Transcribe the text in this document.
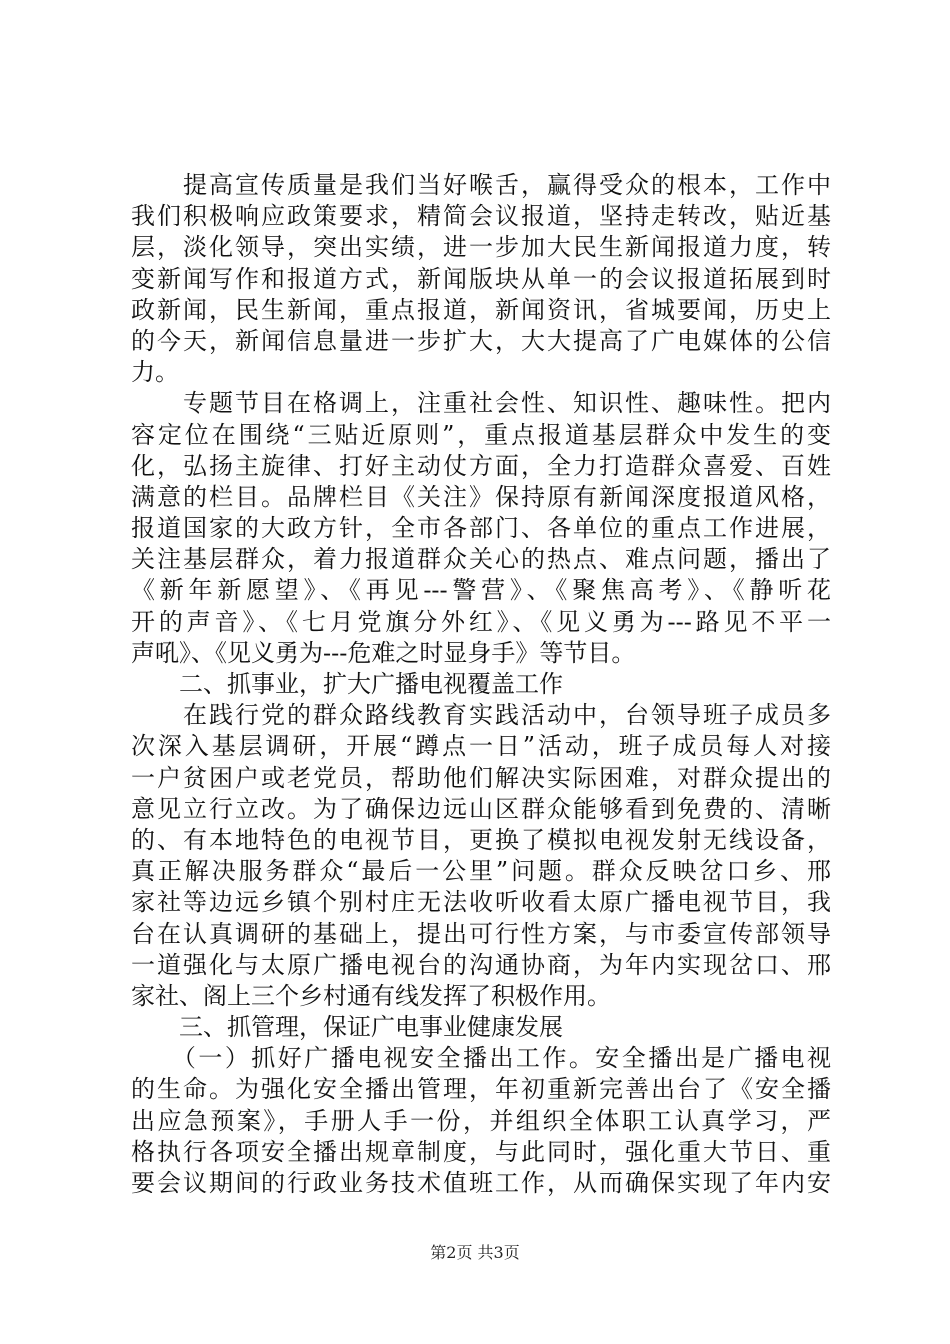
　　提高宣传质量是我们当好喉舌，赢得受众的根本，工作中
我们积极响应政策要求，精简会议报道，坚持走转改，贴近基
层，淡化领导，突出实绩，进一步加大民生新闻报道力度，转
变新闻写作和报道方式，新闻版块从单一的会议报道拓展到时
政新闻，民生新闻，重点报道，新闻资讯，省城要闻，历史上
的今天，新闻信息量进一步扩大，大大提高了广电媒体的公信
力。
　　专题节目在格调上，注重社会性、知识性、趣味性。把内
容定位在围绕“三贴近原则”，重点报道基层群众中发生的变
化，弘扬主旋律、打好主动仗方面，全力打造群众喜爱、百姓
满意的栏目。品牌栏目《关注》保持原有新闻深度报道风格，
报道国家的大政方针，全市各部门、各单位的重点工作进展，
关注基层群众，着力报道群众关心的热点、难点问题，播出了
《新年新愿望》、《再见---警营》、《聚焦高考》、《静听花
开的声音》、《七月党旗分外红》、《见义勇为---路见不平一
声吼》、《见义勇为---危难之时显身手》等节目。
　　二、抓事业，扩大广播电视覆盖工作
　　在践行党的群众路线教育实践活动中，台领导班子成员多
次深入基层调研，开展“蹲点一日”活动，班子成员每人对接
一户贫困户或老党员，帮助他们解决实际困难，对群众提出的
意见立行立改。为了确保边远山区群众能够看到免费的、清晰
的、有本地特色的电视节目，更换了模拟电视发射无线设备，
真正解决服务群众“最后一公里”问题。群众反映岔口乡、邢
家社等边远乡镇个别村庄无法收听收看太原广播电视节目，我
台在认真调研的基础上，提出可行性方案，与市委宣传部领导
一道强化与太原广播电视台的沟通协商，为年内实现岔口、邢
家社、阁上三个乡村通有线发挥了积极作用。
　　三、抓管理，保证广电事业健康发展
　　（一）抓好广播电视安全播出工作。安全播出是广播电视
的生命。为强化安全播出管理，年初重新完善出台了《安全播
出应急预案》，手册人手一份，并组织全体职工认真学习，严
格执行各项安全播出规章制度，与此同时，强化重大节日、重
要会议期间的行政业务技术值班工作，从而确保实现了年内安
第2页 共3页
